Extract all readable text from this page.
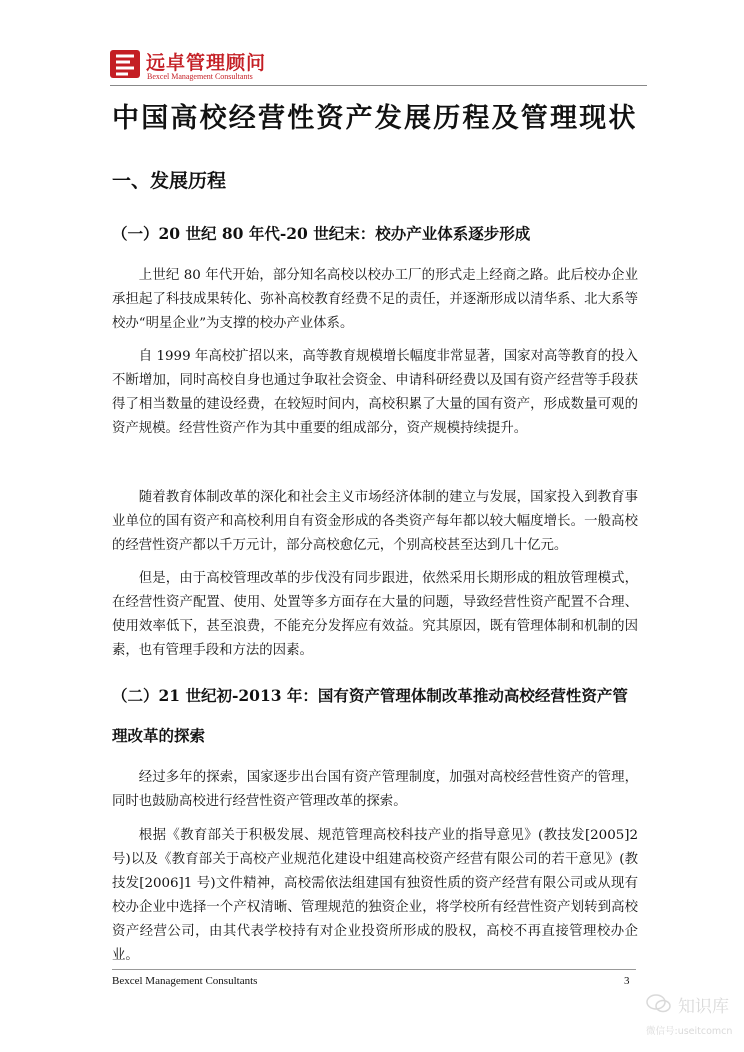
远卓管理顾问
Bexcel Management Consultants
中国高校经营性资产发展历程及管理现状
一、发展历程
（一）20 世纪 80 年代-20 世纪末：校办产业体系逐步形成

上世纪 80 年代开始，部分知名高校以校办工厂的形式走上经商之路。此后校办企业承担起了科技成果转化、弥补高校教育经费不足的责任，并逐渐形成以清华系、北大系等校办“明星企业”为支撑的校办产业体系。

自 1999 年高校扩招以来，高等教育规模增长幅度非常显著，国家对高等教育的投入不断增加，同时高校自身也通过争取社会资金、申请科研经费以及国有资产经营等手段获得了相当数量的建设经费，在较短时间内，高校积累了大量的国有资产，形成数量可观的资产规模。经营性资产作为其中重要的组成部分，资产规模持续提升。

随着教育体制改革的深化和社会主义市场经济体制的建立与发展，国家投入到教育事业单位的国有资产和高校利用自有资金形成的各类资产每年都以较大幅度增长。一般高校的经营性资产都以千万元计，部分高校愈亿元，个别高校甚至达到几十亿元。

但是，由于高校管理改革的步伐没有同步跟进，依然采用长期形成的粗放管理模式，在经营性资产配置、使用、处置等多方面存在大量的问题，导致经营性资产配置不合理、使用效率低下，甚至浪费，不能充分发挥应有效益。究其原因，既有管理体制和机制的因素，也有管理手段和方法的因素。

（二）21 世纪初-2013 年：国有资产管理体制改革推动高校经营性资产管理改革的探索

经过多年的探索，国家逐步出台国有资产管理制度，加强对高校经营性资产的管理，同时也鼓励高校进行经营性资产管理改革的探索。

根据《教育部关于积极发展、规范管理高校科技产业的指导意见》(教技发[2005]2 号)以及《教育部关于高校产业规范化建设中组建高校资产经营有限公司的若干意见》(教技发[2006]1 号)文件精神，高校需依法组建国有独资性质的资产经营有限公司或从现有校办企业中选择一个产权清晰、管理规范的独资企业，将学校所有经营性资产划转到高校资产经营公司，由其代表学校持有对企业投资所形成的股权，高校不再直接管理校办企业。

Bexcel Management Consultants	3
知识库
微信号:useitcomcn
